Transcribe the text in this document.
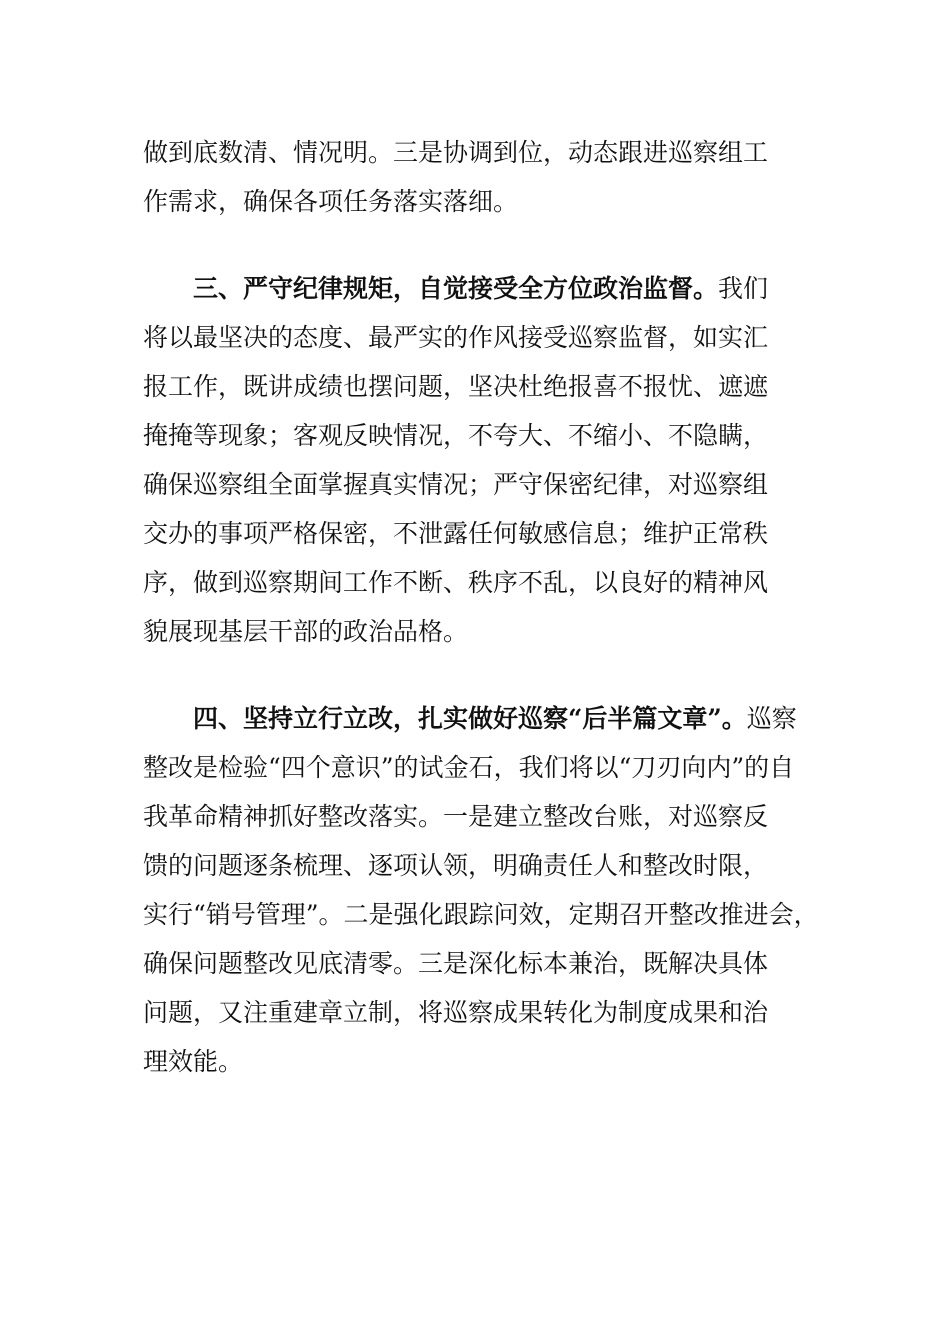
做到底数清、情况明。三是协调到位，动态跟进巡察组工
作需求，确保各项任务落实落细。
三、严守纪律规矩，自觉接受全方位政治监督。我们
将以最坚决的态度、最严实的作风接受巡察监督，如实汇
报工作，既讲成绩也摆问题，坚决杜绝报喜不报忧、遮遮
掩掩等现象；客观反映情况，不夸大、不缩小、不隐瞒，
确保巡察组全面掌握真实情况；严守保密纪律，对巡察组
交办的事项严格保密，不泄露任何敏感信息；维护正常秩
序，做到巡察期间工作不断、秩序不乱，以良好的精神风
貌展现基层干部的政治品格。
四、坚持立行立改，扎实做好巡察“后半篇文章”。巡察
整改是检验“四个意识”的试金石，我们将以“刀刃向内”的自
我革命精神抓好整改落实。一是建立整改台账，对巡察反
馈的问题逐条梳理、逐项认领，明确责任人和整改时限，
实行“销号管理”。二是强化跟踪问效，定期召开整改推进会，
确保问题整改见底清零。三是深化标本兼治，既解决具体
问题，又注重建章立制，将巡察成果转化为制度成果和治
理效能。
